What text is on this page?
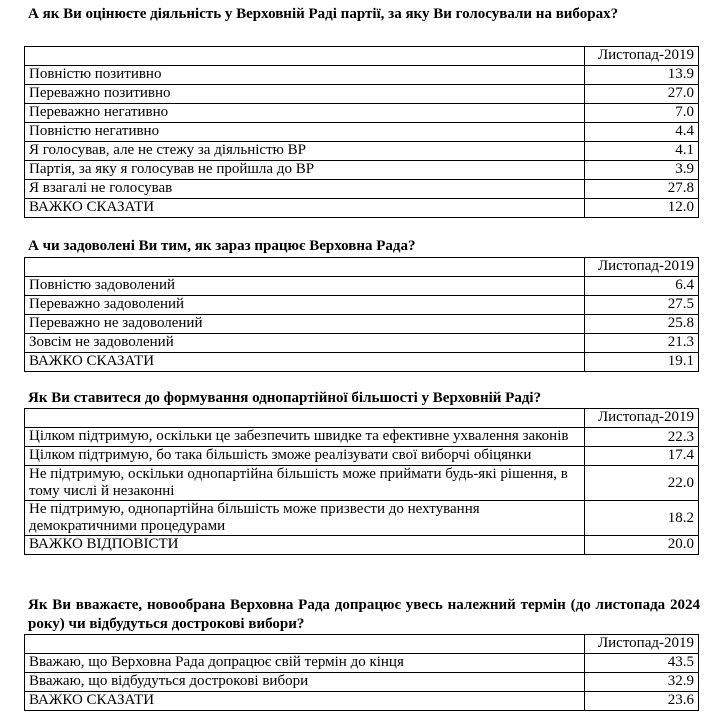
А як Ви оцінюєте діяльність у Верховній Раді партії, за яку Ви голосували на виборах?

	Листопад-2019
Повністю позитивно	13.9
Переважно позитивно	27.0
Переважно негативно	7.0
Повністю негативно	4.4
Я голосував, але не стежу за діяльністю ВР	4.1
Партія, за яку я голосував не пройшла до ВР	3.9
Я взагалі не голосував	27.8
ВАЖКО СКАЗАТИ	12.0

А чи задоволені Ви тим, як зараз працює Верховна Рада?

	Листопад-2019
Повністю задоволений	6.4
Переважно задоволений	27.5
Переважно не задоволений	25.8
Зовсім не задоволений	21.3
ВАЖКО СКАЗАТИ	19.1

Як Ви ставитеся до формування однопартійної більшості у Верховній Раді?

	Листопад-2019
Цілком підтримую, оскільки це забезпечить швидке та ефективне ухвалення законів	22.3
Цілком підтримую, бо така більшість зможе реалізувати свої виборчі обіцянки	17.4
Не підтримую, оскільки однопартійна більшість може приймати будь-які рішення, в тому числі й незаконні	22.0
Не підтримую, однопартійна більшість може призвести до нехтування демократичними процедурами	18.2
ВАЖКО ВІДПОВІСТИ	20.0

Як Ви вважаєте, новообрана Верховна Рада допрацює увесь належний термін (до листопада 2024 року) чи відбудуться дострокові вибори?

	Листопад-2019
Вважаю, що Верховна Рада допрацює свій термін до кінця	43.5
Вважаю, що відбудуться дострокові вибори	32.9
ВАЖКО СКАЗАТИ	23.6
